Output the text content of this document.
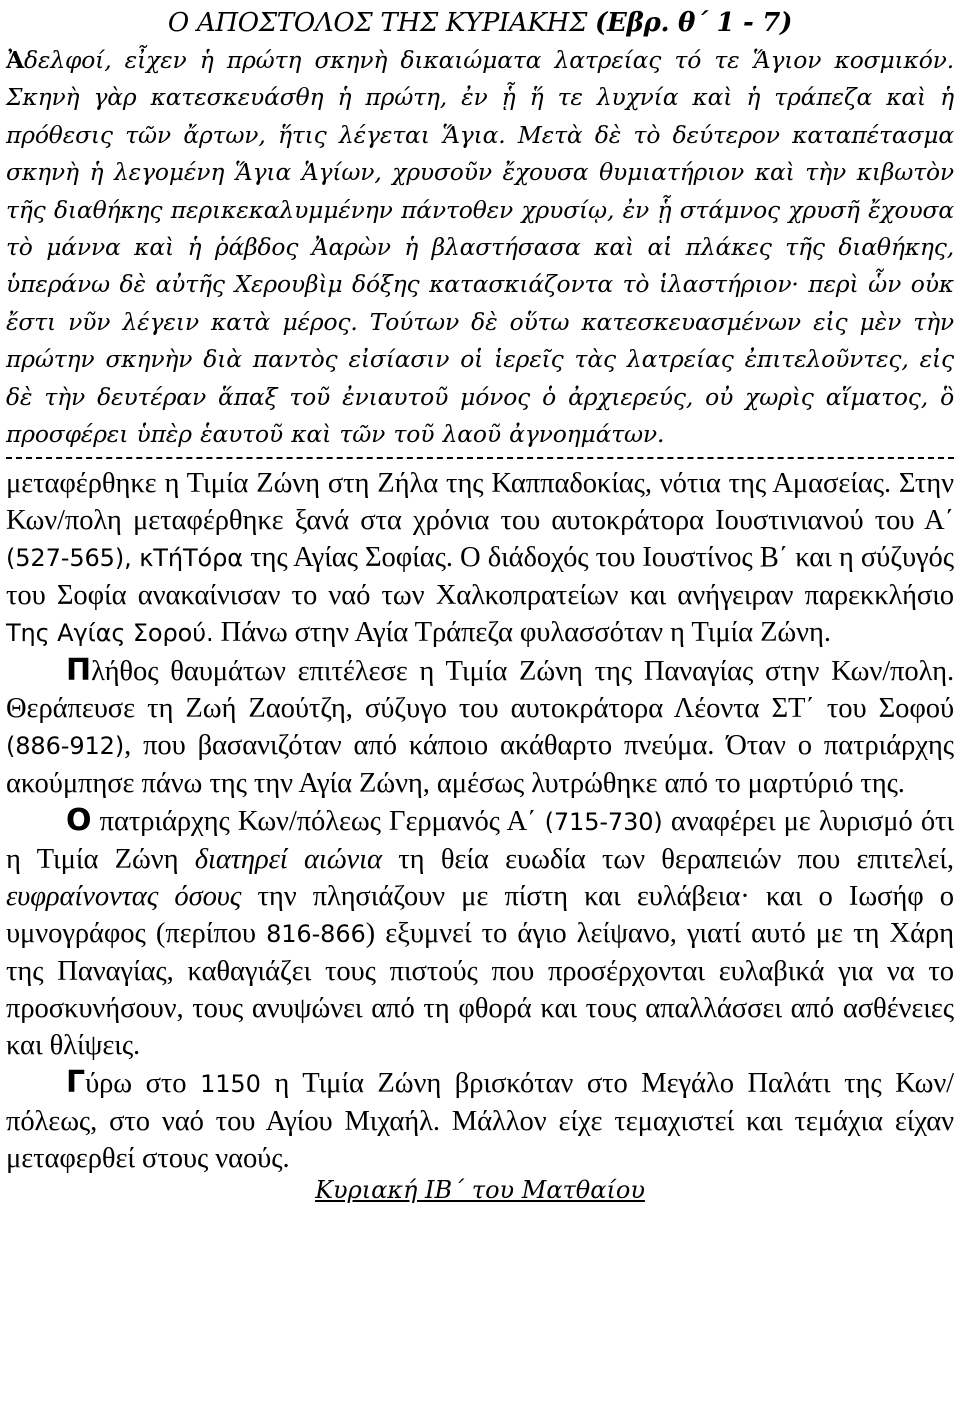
Ο ΑΠΟΣΤΟΛΟΣ ΤΗΣ ΚΥΡΙΑΚΗΣ (Εβρ. θ΄ 1 - 7)

Ἀδελφοί, εἶχεν ἡ πρώτη σκηνὴ δικαιώματα λατρείας τό τε Ἅγιον κοσμικόν. Σκηνὴ γὰρ κατεσκευάσθη ἡ πρώτη, ἐν ᾗ ἥ τε λυχνία καὶ ἡ τράπεζα καὶ ἡ πρόθεσις τῶν ἄρτων, ἥτις λέγεται Ἅγια. Μετὰ δὲ τὸ δεύτερον καταπέτασμα σκηνὴ ἡ λεγομένη Ἅγια Ἁγίων, χρυσοῦν ἔχουσα θυμιατήριον καὶ τὴν κιβωτὸν τῆς διαθήκης περικεκαλυμμένην πάντοθεν χρυσίῳ, ἐν ᾗ στάμνος χρυσῆ ἔχουσα τὸ μάννα καὶ ἡ ῥάβδος Ἀαρὼν ἡ βλαστήσασα καὶ αἱ πλάκες τῆς διαθήκης, ὑπεράνω δὲ αὐτῆς Χερουβὶμ δόξης κατασκιάζοντα τὸ ἱλαστήριον· περὶ ὧν οὐκ ἔστι νῦν λέγειν κατὰ μέρος. Τούτων δὲ οὕτω κατεσκευασμένων εἰς μὲν τὴν πρώτην σκηνὴν διὰ παντὸς εἰσίασιν οἱ ἱερεῖς τὰς λατρείας ἐπιτελοῦντες, εἰς δὲ τὴν δευτέραν ἅπαξ τοῦ ἐνιαυτοῦ μόνος ὁ ἀρχιερεύς, οὐ χωρὶς αἵματος, ὃ προσφέρει ὑπὲρ ἑαυτοῦ καὶ τῶν τοῦ λαοῦ ἀγνοημάτων.

μεταφέρθηκε η Τιμία Ζώνη στη Ζήλα της Καππαδοκίας, νότια της Αμασείας. Στην Κων/πολη μεταφέρθηκε ξανά στα χρόνια του αυτοκράτορα Ιουστινιανού του Α΄ (527-565), κTήTόρα της Αγίας Σοφίας. Ο διάδοχός του Ιουστίνος Β΄ και η σύζυγός του Σοφία ανακαίνισαν το ναό των Χαλκοπρατείων και ανήγειραν παρεκκλήσιο Tης Aγίας Σορού. Πάνω στην Αγία Τράπεζα φυλασσόταν η Τιμία Ζώνη.

Πλήθος θαυμάτων επιτέλεσε η Τιμία Ζώνη της Παναγίας στην Κων/πολη. Θεράπευσε τη Ζωή Ζαούτζη, σύζυγο του αυτοκράτορα Λέοντα ΣΤ΄ του Σοφού (886-912), που βασανιζόταν από κάποιο ακάθαρτο πνεύμα. Όταν ο πατριάρχης ακούμπησε πάνω της την Αγία Ζώνη, αμέσως λυτρώθηκε από το μαρτύριό της.

Ο πατριάρχης Κων/πόλεως Γερμανός Α΄ (715-730) αναφέρει με λυρισμό ότι η Τιμία Ζώνη διατηρεί αιώνια τη θεία ευωδία των θεραπειών που επιτελεί, ευφραίνοντας όσους την πλησιάζουν με πίστη και ευλάβεια· και ο Ιωσήφ ο υμνογράφος (περίπου 816-866) εξυμνεί το άγιο λείψανο, γιατί αυτό με τη Χάρη της Παναγίας, καθαγιάζει τους πιστούς που προσέρχονται ευλαβικά για να το προσκυνήσουν, τους ανυψώνει από τη φθορά και τους απαλλάσσει από ασθένειες και θλίψεις.

Γύρω στο 1150 η Τιμία Ζώνη βρισκόταν στο Μεγάλο Παλάτι της Κων/πόλεως, στο ναό του Αγίου Μιχαήλ. Μάλλον είχε τεμαχιστεί και τεμάχια είχαν μεταφερθεί στους ναούς.

Κυριακή ΙΒ΄ του Ματθαίου
